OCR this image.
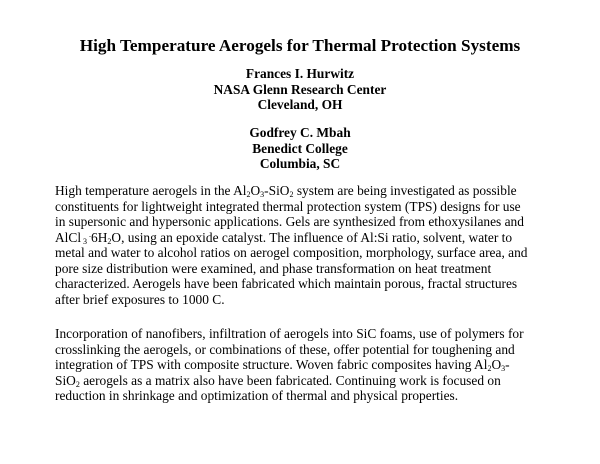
High Temperature Aerogels for Thermal Protection Systems
Frances I. Hurwitz
NASA Glenn Research Center
Cleveland, OH
Godfrey C. Mbah
Benedict College
Columbia, SC
High temperature aerogels in the $Al_2O_3-SiO_2$ system are being investigated as possible
constituents for lightweight integrated thermal protection system (TPS) designs for use
in supersonic and hypersonic applications. Gels are synthesized from ethoxysilanes and
AlCl $_3$ $^.6H_2O$, using an epoxide catalyst. The influence of Al:Si ratio, solvent, water to
metal and water to alcohol ratios on aerogel composition, morphology, surface area, and
pore size distribution were examined, and phase transformation on heat treatment
characterized. Aerogels have been fabricated which maintain porous, fractal structures
after brief exposures to 1000 C.
Incorporation of nanofibers, infiltration of aerogels into SiC foams, use of polymers for
crosslinking the aerogels, or combinations of these, offer potential for toughening and
integration of TPS with composite structure. Woven fabric composites having $Al_2O_3-$
SiO$_2$ aerogels as a matrix also have been fabricated. Continuing work is focused on
reduction in shrinkage and optimization of thermal and physical properties.
